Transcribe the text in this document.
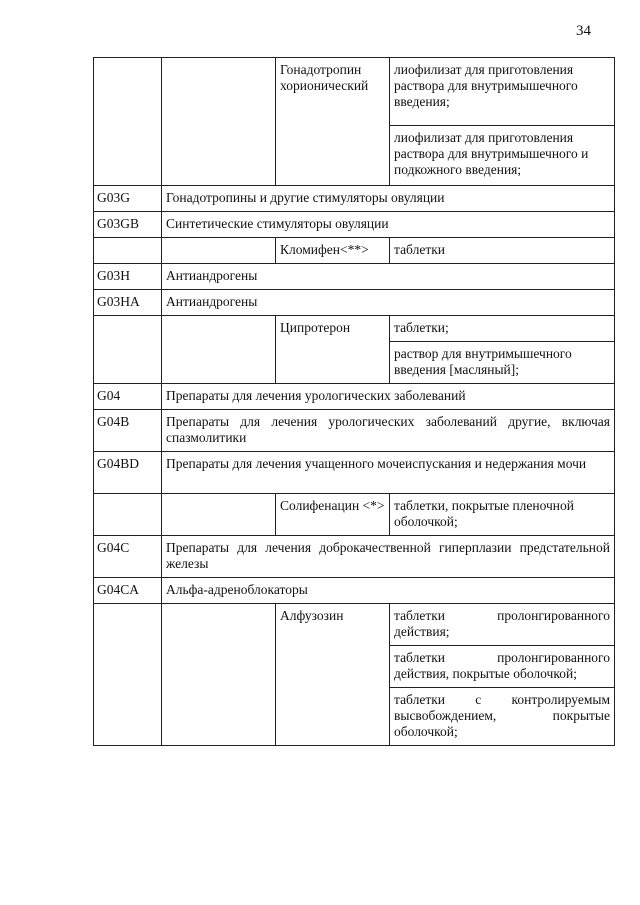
34
		Гонадотропин хорионический	лиофилизат для приготовления раствора для внутримышечного введения;
			лиофилизат для приготовления раствора для внутримышечного и подкожного введения;
G03G	Гонадотропины и другие стимуляторы овуляции		
G03GB	Синтетические стимуляторы овуляции		
		Кломифен<**>	таблетки
G03H	Антиандрогены		
G03HA	Антиандрогены		
		Ципротерон	таблетки;
			раствор для внутримышечного введения [масляный];
G04	Препараты для лечения урологических заболеваний		
G04B	Препараты для лечения урологических заболеваний другие, включая спазмолитики		
G04BD	Препараты для лечения учащенного мочеиспускания и недержания мочи		
		Солифенацин <*>	таблетки, покрытые пленочной оболочкой;
G04C	Препараты для лечения доброкачественной гиперплазии предстательной железы		
G04CA	Альфа-адреноблокаторы		
		Алфузозин	таблетки пролонгированного действия;
			таблетки пролонгированного действия, покрытые оболочкой;
			таблетки с контролируемым высвобождением, покрытые оболочкой;
